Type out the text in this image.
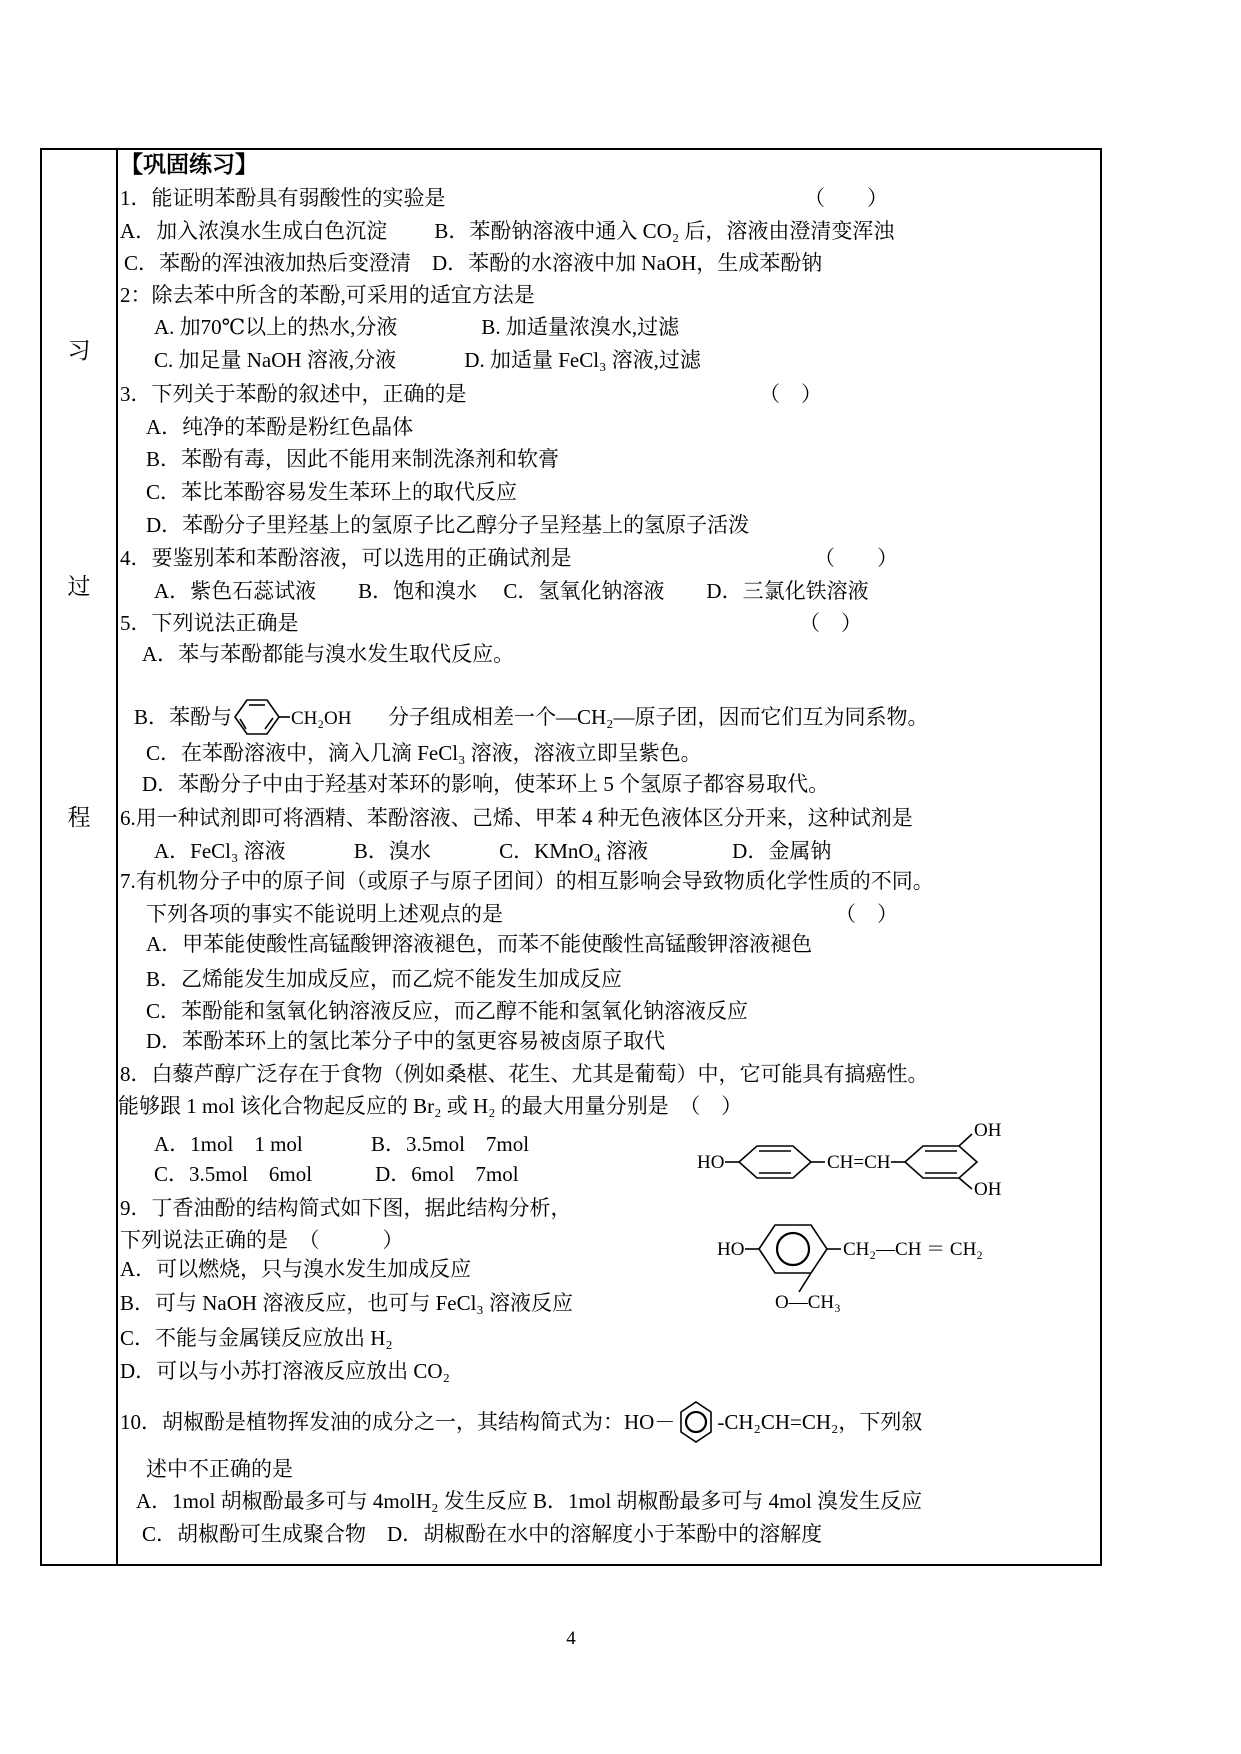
习
过
程
【巩固练习】
1．能证明苯酚具有弱酸性的实验是	（　　）
A．加入浓溴水生成白色沉淀　　 B．苯酚钠溶液中通入 CO₂ 后，溶液由澄清变浑浊
C．苯酚的浑浊液加热后变澄清　D．苯酚的水溶液中加 NaOH，生成苯酚钠
2：除去苯中所含的苯酚,可采用的适宜方法是
A. 加70℃以上的热水,分液　　　　B. 加适量浓溴水,过滤
C. 加足量 NaOH 溶液,分液　　　 D. 加适量 FeCl₃ 溶液,过滤
3．下列关于苯酚的叙述中，正确的是	（　）
A．纯净的苯酚是粉红色晶体
B．苯酚有毒，因此不能用来制洗涤剂和软膏
C．苯比苯酚容易发生苯环上的取代反应
D．苯酚分子里羟基上的氢原子比乙醇分子呈羟基上的氢原子活泼
4．要鉴别苯和苯酚溶液，可以选用的正确试剂是	（　　）
A．紫色石蕊试液　　B．饱和溴水　 C．氢氧化钠溶液　　D．三氯化铁溶液
5．下列说法正确是	（　）
A．苯与苯酚都能与溴水发生取代反应。
B．苯酚与	CH₂OH 分子组成相差一个—CH₂—原子团，因而它们互为同系物。
C．在苯酚溶液中，滴入几滴 FeCl₃ 溶液，溶液立即呈紫色。
D．苯酚分子中由于羟基对苯环的影响，使苯环上 5 个氢原子都容易取代。
6.用一种试剂即可将酒精、苯酚溶液、己烯、甲苯 4 种无色液体区分开来，这种试剂是
A．FeCl₃ 溶液　　　 B．溴水　　　 C．KMnO₄ 溶液　　　　D．金属钠
7.有机物分子中的原子间（或原子与原子团间）的相互影响会导致物质化学性质的不同。
下列各项的事实不能说明上述观点的是	（　）
A．甲苯能使酸性高锰酸钾溶液褪色，而苯不能使酸性高锰酸钾溶液褪色
B．乙烯能发生加成反应，而乙烷不能发生加成反应
C．苯酚能和氢氧化钠溶液反应，而乙醇不能和氢氧化钠溶液反应
D．苯酚苯环上的氢比苯分子中的氢更容易被卤原子取代
8．白藜芦醇广泛存在于食物（例如桑椹、花生、尤其是葡萄）中，它可能具有搞癌性。
能够跟 1 mol 该化合物起反应的 Br₂ 或 H₂ 的最大用量分别是　（　）
A．1mol　1 mol　　　 B．3.5mol　7mol
C．3.5mol　6mol　　　D．6mol　7mol	HO	CH=CH
OH
OH
9．丁香油酚的结构简式如下图，据此结构分析，
下列说法正确的是　（　　　）
A．可以燃烧，只与溴水发生加成反应
B．可与 NaOH 溶液反应，也可与 FeCl₃ 溶液反应
C．不能与金属镁反应放出 H₂
D．可以与小苏打溶液反应放出 CO₂
HO	CH₂—CH ＝ CH₂
O—CH₃
10．胡椒酚是植物挥发油的成分之一，其结构简式为：HO－ -CH₂CH=CH₂，下列叙
述中不正确的是
A．1mol 胡椒酚最多可与 4molH₂ 发生反应 B．1mol 胡椒酚最多可与 4mol 溴发生反应
C．胡椒酚可生成聚合物　D．胡椒酚在水中的溶解度小于苯酚中的溶解度
4
